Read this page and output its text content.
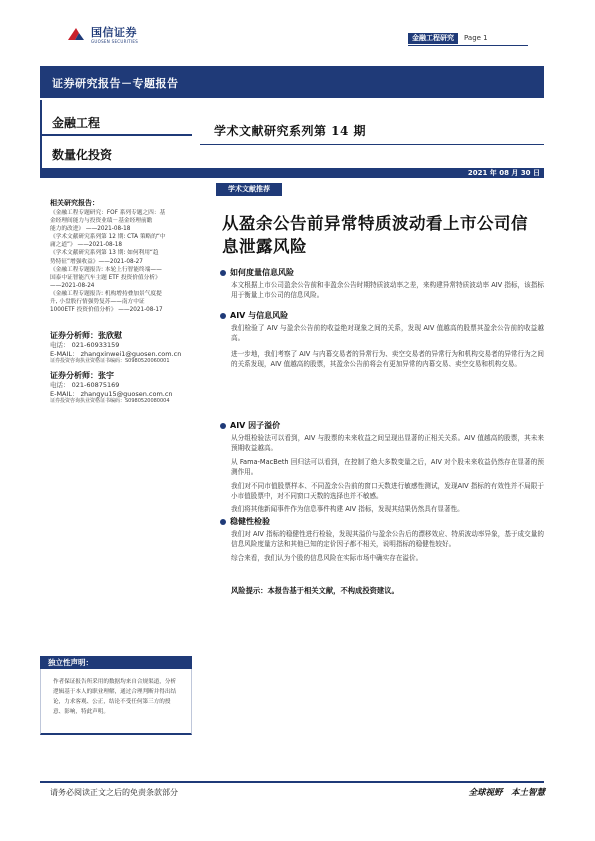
国信证券
GUOSEN SECURITIES	金融工程研究	Page 1
证券研究报告－专题报告
金融工程
数量化投资
学术文献研究系列第 14 期
2021 年 08 月 30 日
学术文献推荐
相关研究报告：
《金融工程专题研究：FOF 系列专题之四：基
金经理间能力与投资业绩－基金经理前瞻
能力的改进》 ——2021-08-18
《学术文献研究系列第 12 期: CTA 策略的“中
庸之道”》 ——2021-08-18
《学术文献研究系列第 13 期: 如何利用“趋
势特征”增强收益》——2021-08-27
《金融工程专题报告: 本轮上行智能终端——
国泰中证智能汽车主题 ETF 投资价值分析》
——2021-08-24
《金融工程专题报告: 机构增持叠加景气度提
升, 小盘股行情强势复苏——南方中证
1000ETF 投资价值分析》 ——2021-08-17
证券分析师：张欣慰
电话： 021-60933159
E-MAIL： zhangxinwei1@guosen.com.cn
证券投资咨询执业资格证书编码：S0980520060001
证券分析师：张宇
电话： 021-60875169
E-MAIL： zhangyu15@guosen.com.cn
证券投资咨询执业资格证书编码：S0980520080004
从盈余公告前异常特质波动看上市公司信息泄露风险
如何度量信息风险
本文根据上市公司盈余公告前和非盈余公告时期特质波动率之差，来构建异常特质波动率 AIV 指标，该指标用于衡量上市公司的信息风险。
AIV 与信息风险
我们检验了 AIV 与盈余公告前的收益绝对现象之间的关系，发现 AIV 值越高的股票其盈余公告前的收益越高。
进一步地，我们考察了 AIV 与内幕交易者的异常行为、卖空交易者的异常行为和机构交易者的异常行为之间的关系发现，AIV 值越高的股票，其盈余公告前将会有更加异常的内幕交易、卖空交易和机构交易。
AIV 因子溢价
从分组检验法可以看到，AIV 与股票的未来收益之间呈现出显著的正相关关系。AIV 值越高的股票，其未来预期收益越高。
从 Fama-MacBeth 回归法可以看到，在控制了绝大多数变量之后，AIV 对个股未来收益仍然存在显著的预测作用。
我们对不同市值股票样本、不同盈余公告前的窗口天数进行敏感性测试，发现AIV 指标的有效性并不局限于小市值股票中，对不同窗口天数的选择也并不敏感。
我们将其他新闻事件作为信息事件构建 AIV 指标，发现其结果仍然具有显著性。
稳健性检验
我们对 AIV 指标的稳健性进行检验，发现其溢价与盈余公告后的漂移效应、特质波动率异象，基于成交量的信息风险度量方法和其他已知的定价因子都不相关，说明指标的稳健性较好。
综合来看，我们认为个股的信息风险在实际市场中确实存在溢价。
风险提示：本报告基于相关文献，不构成投资建议。
独立性声明：
作者保证报告所采用的数据均来自合规渠道，分析逻辑基于本人的职业理解，通过合理判断并得出结论，力求客观、公正，结论不受任何第三方的授意、影响，特此声明。
请务必阅读正文之后的免责条款部分	全球视野　本土智慧
